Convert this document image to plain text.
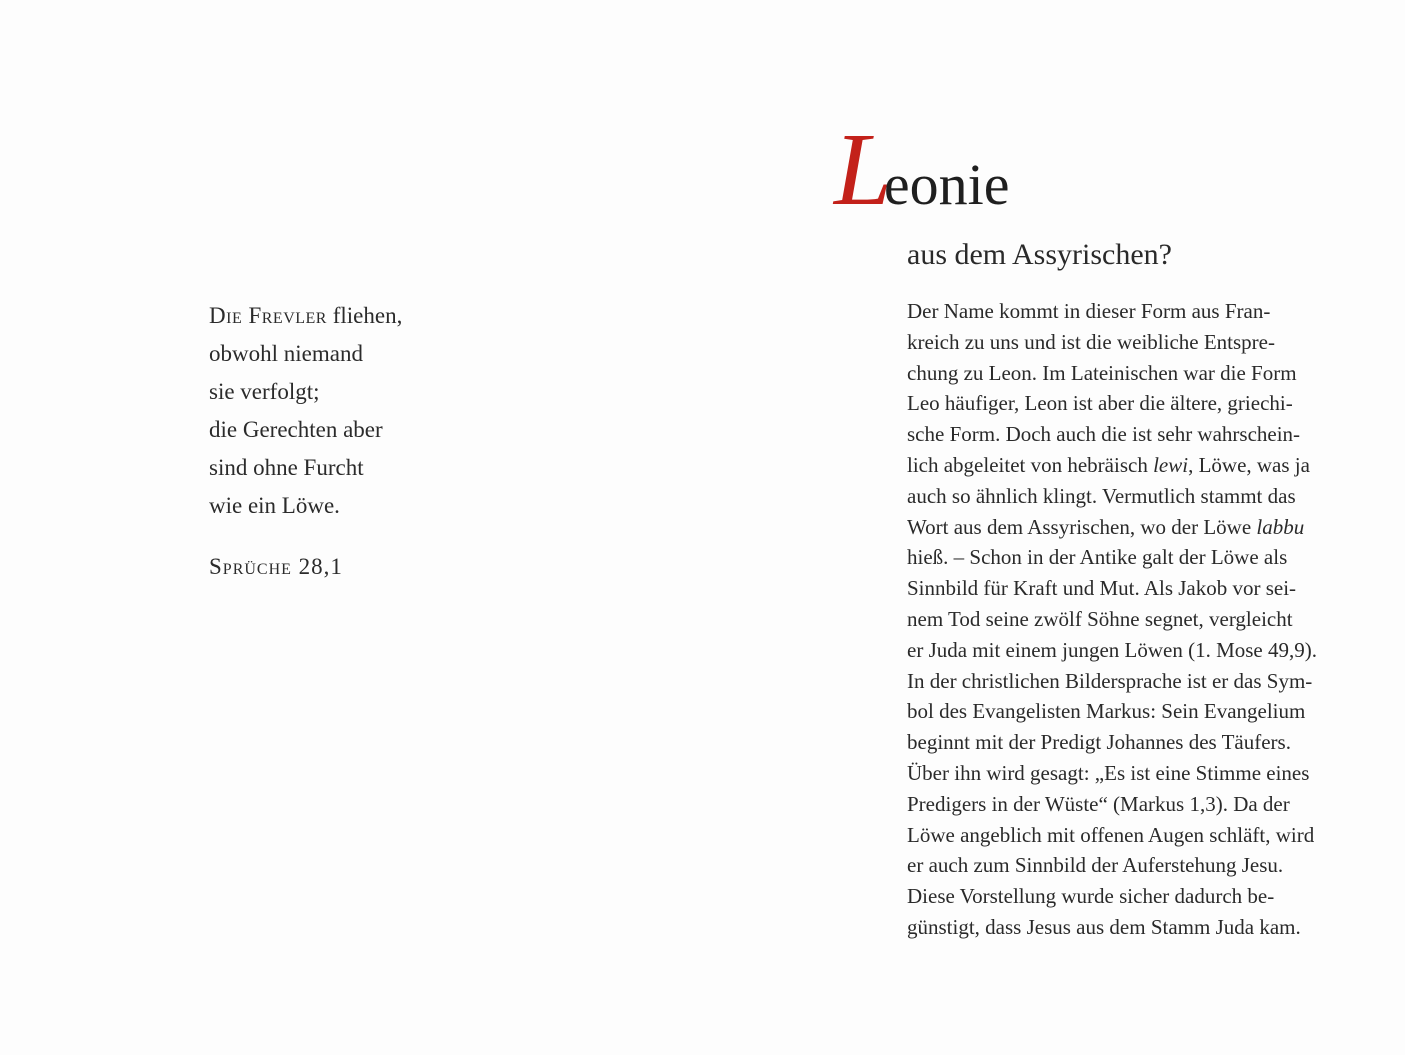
Die Frevler fliehen,
obwohl niemand
sie verfolgt;
die Gerechten aber
sind ohne Furcht
wie ein Löwe.
Sprüche 28,1
Leonie
aus dem Assyrischen?
Der Name kommt in dieser Form aus Fran-
kreich zu uns und ist die weibliche Entspre-
chung zu Leon. Im Lateinischen war die Form
Leo häufiger, Leon ist aber die ältere, griechi-
sche Form. Doch auch die ist sehr wahrschein-
lich abgeleitet von hebräisch lewi, Löwe, was ja
auch so ähnlich klingt. Vermutlich stammt das
Wort aus dem Assyrischen, wo der Löwe labbu
hieß. – Schon in der Antike galt der Löwe als
Sinnbild für Kraft und Mut. Als Jakob vor sei-
nem Tod seine zwölf Söhne segnet, vergleicht
er Juda mit einem jungen Löwen (1. Mose 49,9).
In der christlichen Bildersprache ist er das Sym-
bol des Evangelisten Markus: Sein Evangelium
beginnt mit der Predigt Johannes des Täufers.
Über ihn wird gesagt: „Es ist eine Stimme eines
Predigers in der Wüste“ (Markus 1,3). Da der
Löwe angeblich mit offenen Augen schläft, wird
er auch zum Sinnbild der Auferstehung Jesu.
Diese Vorstellung wurde sicher dadurch be-
günstigt, dass Jesus aus dem Stamm Juda kam.
